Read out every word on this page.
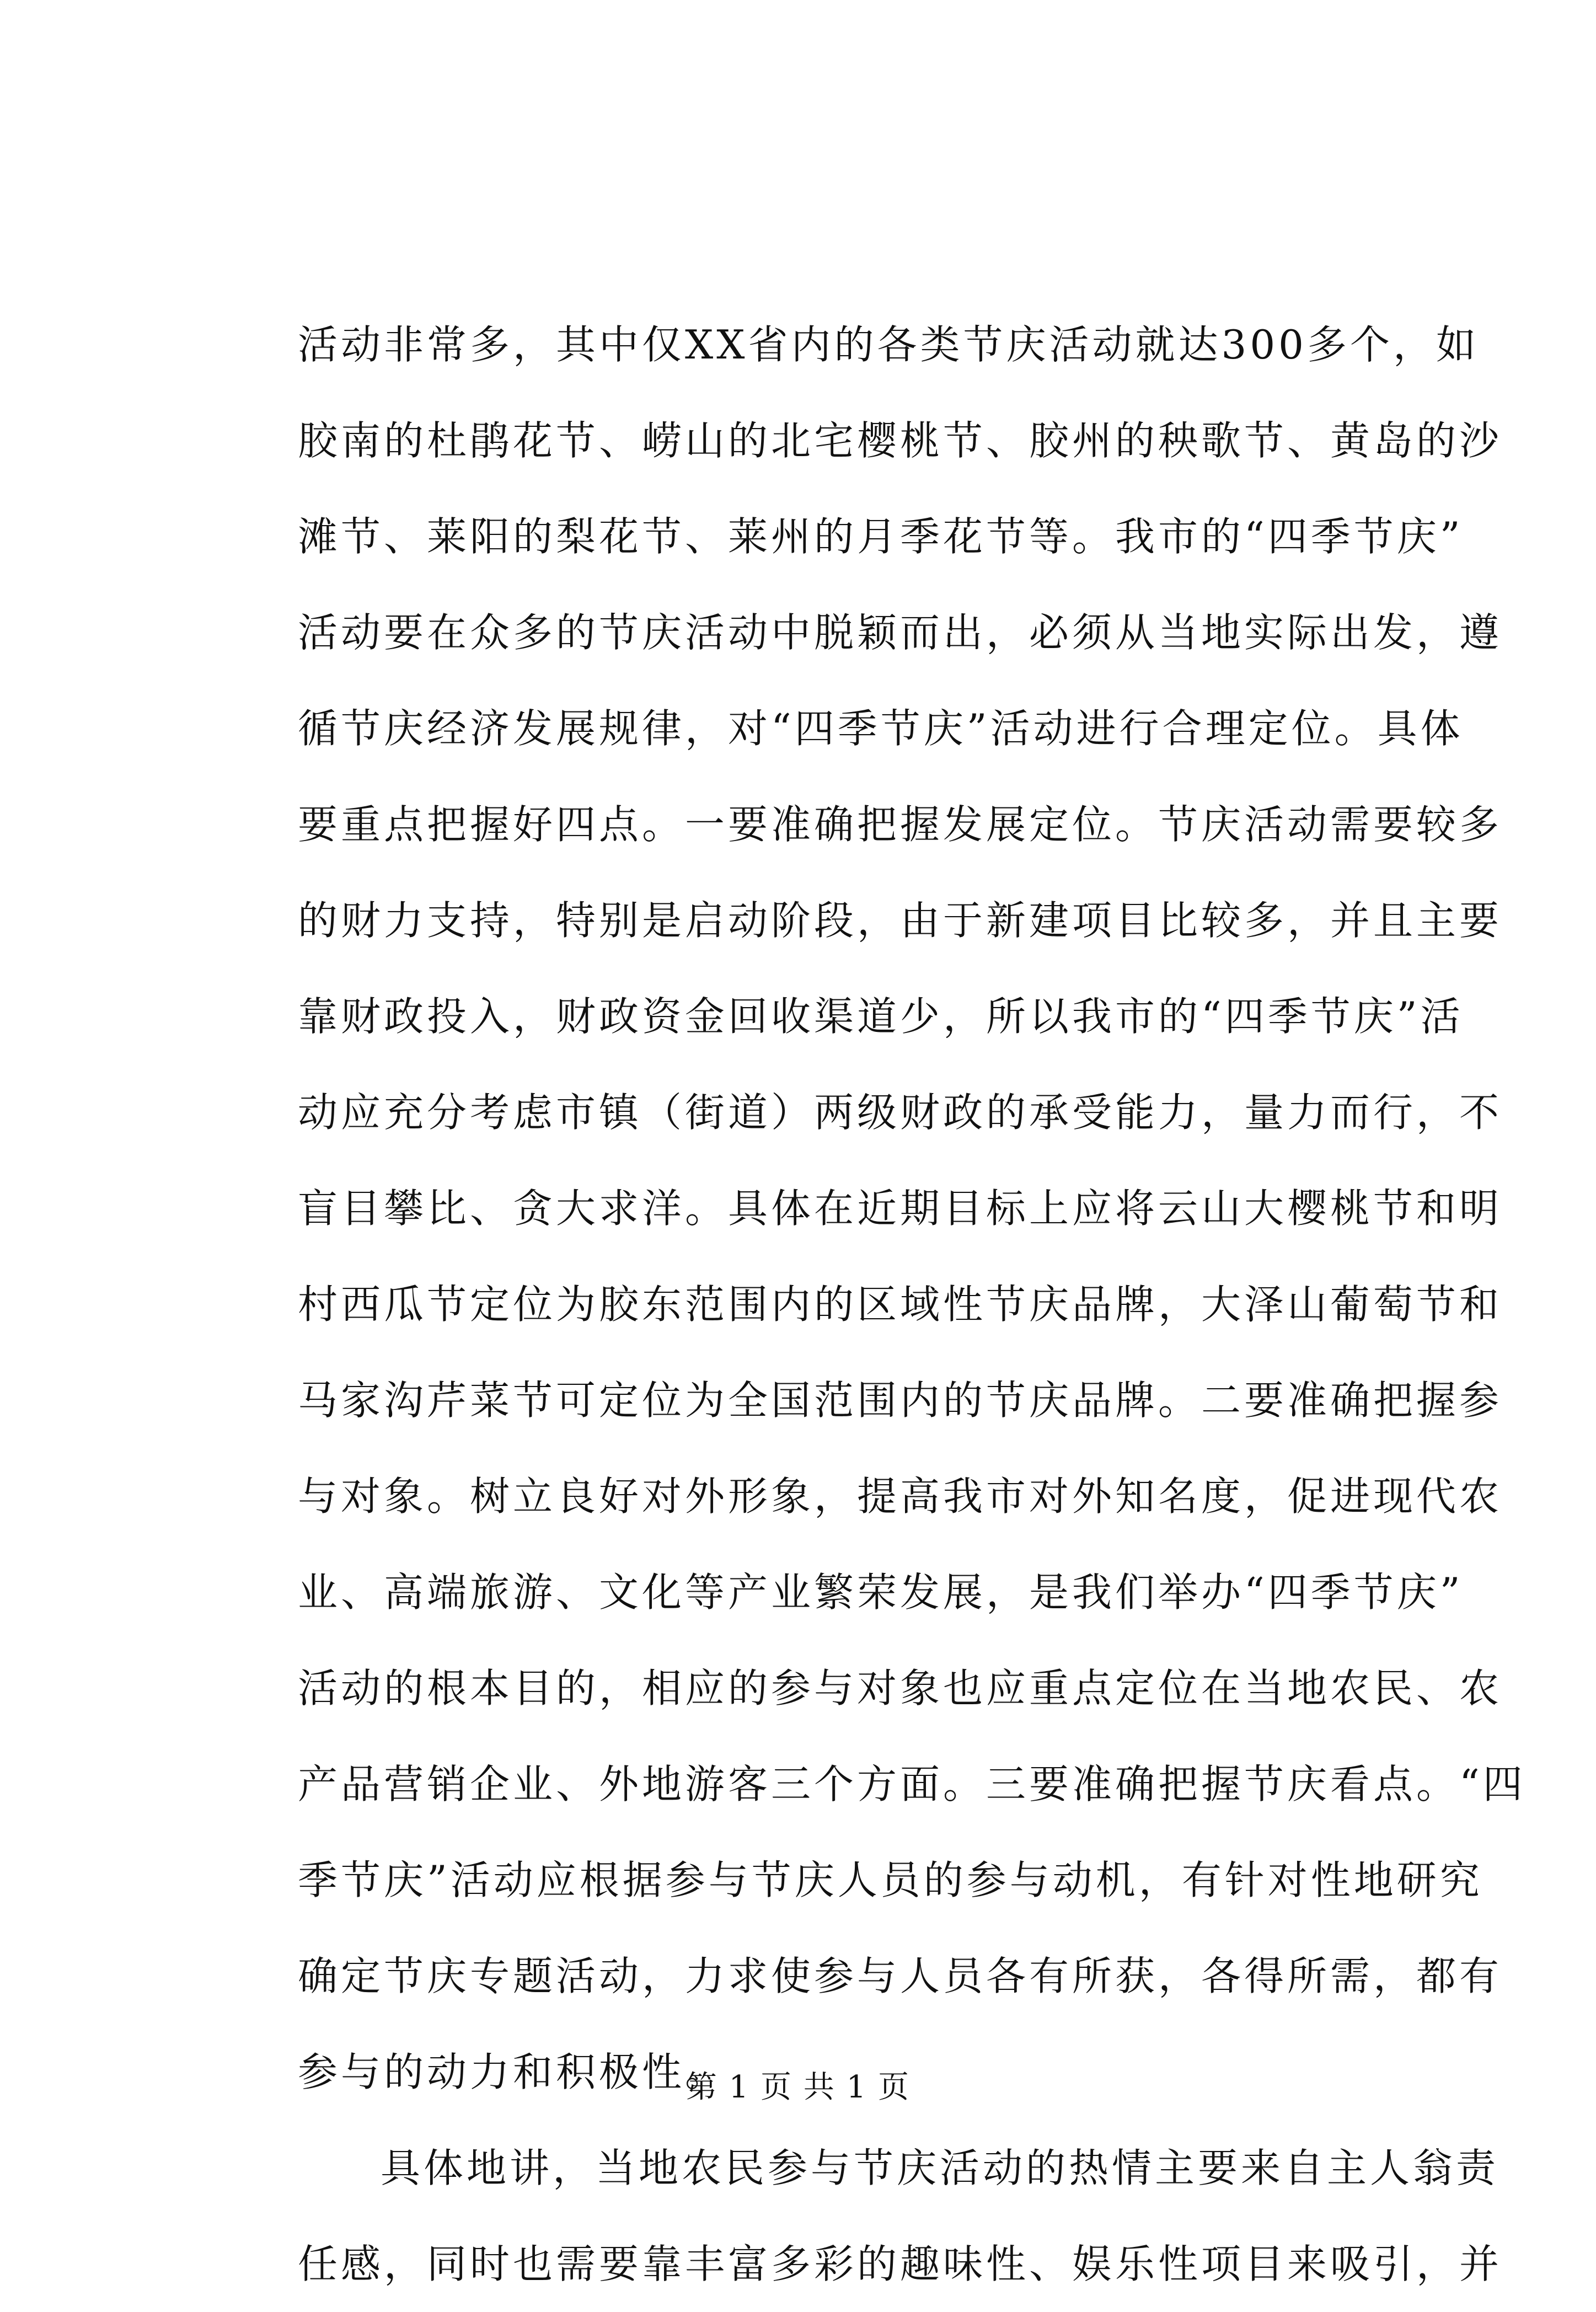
活动非常多，其中仅XX省内的各类节庆活动就达300多个，如
胶南的杜鹃花节、崂山的北宅樱桃节、胶州的秧歌节、黄岛的沙
滩节、莱阳的梨花节、莱州的月季花节等。我市的“四季节庆”
活动要在众多的节庆活动中脱颖而出，必须从当地实际出发，遵
循节庆经济发展规律，对“四季节庆”活动进行合理定位。具体
要重点把握好四点。一要准确把握发展定位。节庆活动需要较多
的财力支持，特别是启动阶段，由于新建项目比较多，并且主要
靠财政投入，财政资金回收渠道少，所以我市的“四季节庆”活
动应充分考虑市镇（街道）两级财政的承受能力，量力而行，不
盲目攀比、贪大求洋。具体在近期目标上应将云山大樱桃节和明
村西瓜节定位为胶东范围内的区域性节庆品牌，大泽山葡萄节和
马家沟芹菜节可定位为全国范围内的节庆品牌。二要准确把握参
与对象。树立良好对外形象，提高我市对外知名度，促进现代农
业、高端旅游、文化等产业繁荣发展，是我们举办“四季节庆”
活动的根本目的，相应的参与对象也应重点定位在当地农民、农
产品营销企业、外地游客三个方面。三要准确把握节庆看点。“四
季节庆”活动应根据参与节庆人员的参与动机，有针对性地研究
确定节庆专题活动，力求使参与人员各有所获，各得所需，都有
参与的动力和积极性。
具体地讲，当地农民参与节庆活动的热情主要来自主人翁责
任感，同时也需要靠丰富多彩的趣味性、娱乐性项目来吸引，并
第 1 页 共 1 页
